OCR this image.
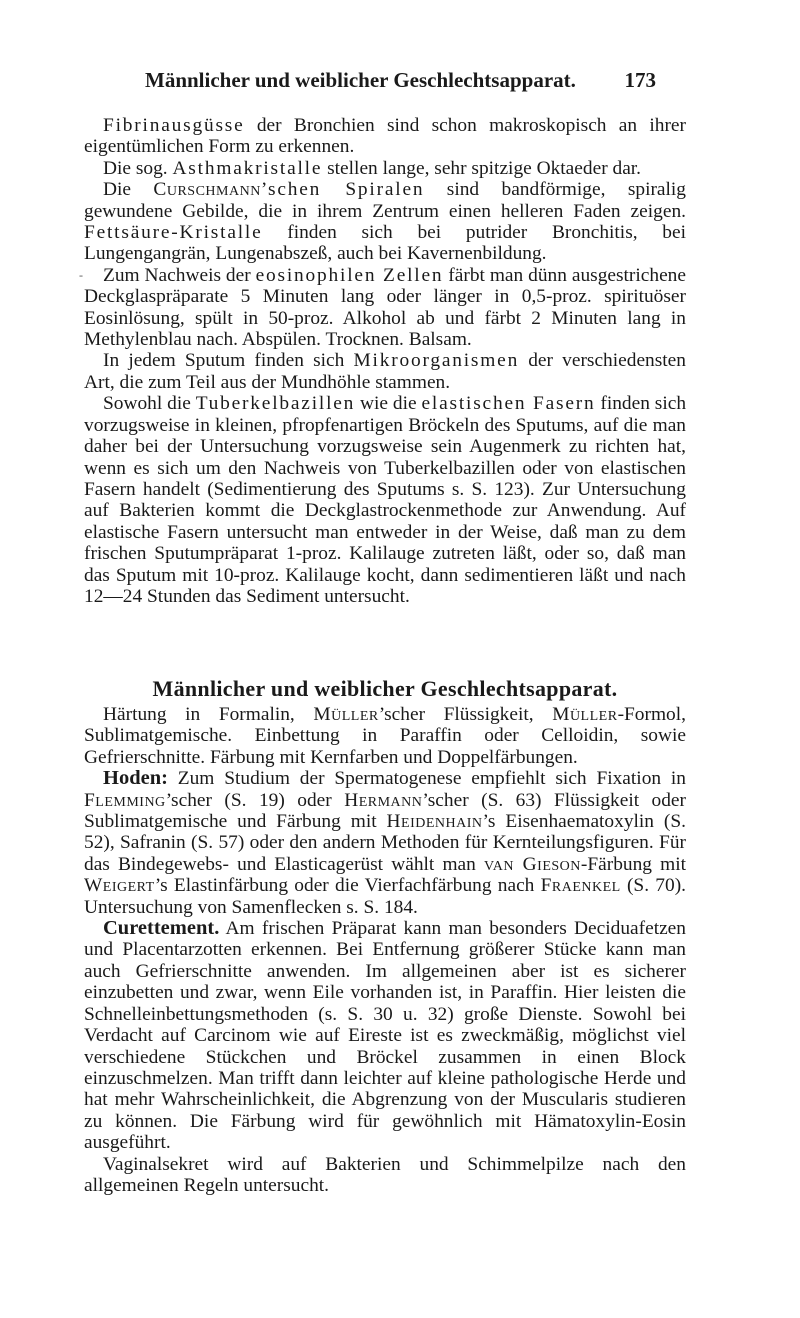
Männlicher und weiblicher Geschlechtsapparat. 173
-

Fibrinausgüsse der Bronchien sind schon makroskopisch an ihrer eigentümlichen Form zu erkennen.

Die sog. Asthmakristalle stellen lange, sehr spitzige Oktaeder dar.

Die Curschmann’schen Spiralen sind bandförmige, spiralig gewundene Gebilde, die in ihrem Zentrum einen helleren Faden zeigen. Fettsäure-Kristalle finden sich bei putrider Bronchitis, bei Lungengangrän, Lungenabszeß, auch bei Kavernenbildung.

Zum Nachweis der eosinophilen Zellen färbt man dünn ausgestrichene Deckglaspräparate 5 Minuten lang oder länger in 0,5-proz. spirituöser Eosinlösung, spült in 50-proz. Alkohol ab und färbt 2 Minuten lang in Methylenblau nach. Abspülen. Trocknen. Balsam.

In jedem Sputum finden sich Mikroorganismen der verschiedensten Art, die zum Teil aus der Mundhöhle stammen.

Sowohl die Tuberkelbazillen wie die elastischen Fasern finden sich vorzugsweise in kleinen, pfropfenartigen Bröckeln des Sputums, auf die man daher bei der Untersuchung vorzugsweise sein Augenmerk zu richten hat, wenn es sich um den Nachweis von Tuberkelbazillen oder von elastischen Fasern handelt (Sedimentierung des Sputums s. S. 123). Zur Untersuchung auf Bakterien kommt die Deckglastrockenmethode zur Anwendung. Auf elastische Fasern untersucht man entweder in der Weise, daß man zu dem frischen Sputumpräparat 1-proz. Kalilauge zutreten läßt, oder so, daß man das Sputum mit 10-proz. Kalilauge kocht, dann sedimentieren läßt und nach 12—24 Stunden das Sediment untersucht.

Männlicher und weiblicher Geschlechtsapparat.

Härtung in Formalin, Müller’scher Flüssigkeit, Müller-Formol, Sublimatgemische. Einbettung in Paraffin oder Celloidin, sowie Gefrierschnitte. Färbung mit Kernfarben und Doppelfärbungen.

Hoden: Zum Studium der Spermatogenese empfiehlt sich Fixation in Flemming’scher (S. 19) oder Hermann’scher (S. 63) Flüssigkeit oder Sublimatgemische und Färbung mit Heidenhain’s Eisenhaematoxylin (S. 52), Safranin (S. 57) oder den andern Methoden für Kernteilungsfiguren. Für das Bindegewebs- und Elasticagerüst wählt man van Gieson-Färbung mit Weigert’s Elastinfärbung oder die Vierfachfärbung nach Fraenkel (S. 70). Untersuchung von Samenflecken s. S. 184.

Curettement. Am frischen Präparat kann man besonders Deciduafetzen und Placentarzotten erkennen. Bei Entfernung größerer Stücke kann man auch Gefrierschnitte anwenden. Im allgemeinen aber ist es sicherer einzubetten und zwar, wenn Eile vorhanden ist, in Paraffin. Hier leisten die Schnelleinbettungsmethoden (s. S. 30 u. 32) große Dienste. Sowohl bei Verdacht auf Carcinom wie auf Eireste ist es zweckmäßig, möglichst viel verschiedene Stückchen und Bröckel zusammen in einen Block einzuschmelzen. Man trifft dann leichter auf kleine pathologische Herde und hat mehr Wahrscheinlichkeit, die Abgrenzung von der Muscularis studieren zu können. Die Färbung wird für gewöhnlich mit Hämatoxylin-Eosin ausgeführt.

Vaginalsekret wird auf Bakterien und Schimmelpilze nach den allgemeinen Regeln untersucht.
